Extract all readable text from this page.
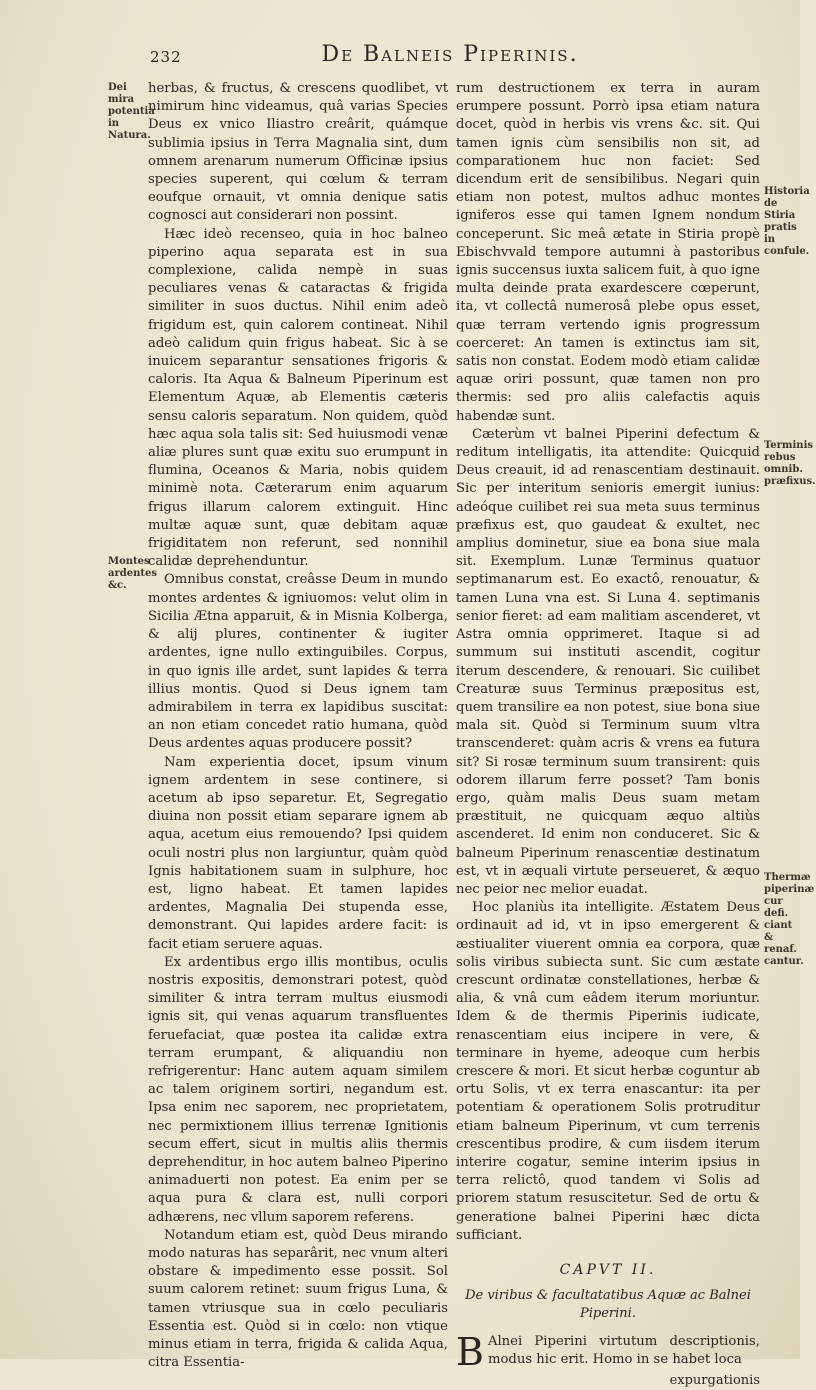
232	De Balneis Piperinis.
Dei mira potentia in Natura.
Montes ardentes &c.
Historia de Stiria pratis in confule.
Terminis rebus omnib. præfixus.
Thermæ piperinæ cur defi. ciant & renaf. cantur.

herbas, & fructus, & crescens quodlibet, vt nimirum hinc videamus, quâ varias Species Deus ex vnico Iliastro creârit, quámque sublimia ipsius in Terra Magnalia sint, dum omnem arenarum numerum Officinæ ipsius species superent, qui cœlum & terram eoufque ornauit, vt omnia denique satis cognosci aut considerari non possint.

Hæc ideò recenseo, quia in hoc balneo piperino aqua separata est in sua complexione, calida nempè in suas peculiares venas & cataractas & frigida similiter in suos ductus. Nihil enim adeò frigidum est, quin calorem contineat. Nihil adeò calidum quin frigus habeat. Sic à se inuicem separantur sensationes frigoris & caloris. Ita Aqua & Balneum Piperinum est Elementum Aquæ, ab Elementis cæteris sensu caloris separatum. Non quidem, quòd hæc aqua sola talis sit: Sed huiusmodi venæ aliæ plures sunt quæ exitu suo erumpunt in flumina, Oceanos & Maria, nobis quidem minimè nota. Cæterarum enim aquarum frigus illarum calorem extinguit. Hinc multæ aquæ sunt, quæ debitam aquæ frigiditatem non referunt, sed nonnihil calidæ deprehenduntur.

Omnibus constat, creâsse Deum in mundo montes ardentes & igniuomos: velut olim in Sicilia Ætna apparuit, & in Misnia Kolberga, & alij plures, continenter & iugiter ardentes, igne nullo extinguibiles. Corpus, in quo ignis ille ardet, sunt lapides & terra illius montis. Quod si Deus ignem tam admirabilem in terra ex lapidibus suscitat: an non etiam concedet ratio humana, quòd Deus ardentes aquas producere possit?

Nam experientia docet, ipsum vinum ignem ardentem in sese continere, si acetum ab ipso separetur. Et, Segregatio diuina non possit etiam separare ignem ab aqua, acetum eius remouendo? Ipsi quidem oculi nostri plus non largiuntur, quàm quòd Ignis habitationem suam in sulphure, hoc est, ligno habeat. Et tamen lapides ardentes, Magnalia Dei stupenda esse, demonstrant. Qui lapides ardere facit: is facit etiam seruere aquas.

Ex ardentibus ergo illis montibus, oculis nostris expositis, demonstrari potest, quòd similiter & intra terram multus eiusmodi ignis sit, qui venas aquarum transfluentes feruefaciat, quæ postea ita calidæ extra terram erumpant, & aliquandiu non refrigerentur: Hanc autem aquam similem ac talem originem sortiri, negandum est. Ipsa enim nec saporem, nec proprietatem, nec permixtionem illius terrenæ Ignitionis secum effert, sicut in multis aliis thermis deprehenditur, in hoc autem balneo Piperino animaduerti non potest. Ea enim per se aqua pura & clara est, nulli corpori adhærens, nec vllum saporem referens.

Notandum etiam est, quòd Deus mirando modo naturas has separârit, nec vnum alteri obstare & impedimento esse possit. Sol suum calorem retinet: suum frigus Luna, & tamen vtriusque sua in cœlo peculiaris Essentia est. Quòd si in cœlo: non vtique minus etiam in terra, frigida & calida Aqua, citra Essentia-

rum destructionem ex terra in auram erumpere possunt. Porrò ipsa etiam natura docet, quòd in herbis vis vrens &c. sit. Qui tamen ignis cùm sensibilis non sit, ad comparationem huc non faciet: Sed dicendum erit de sensibilibus. Negari quin etiam non potest, multos adhuc montes igniferos esse qui tamen Ignem nondum conceperunt. Sic meâ ætate in Stiria propè Ebischvvald tempore autumni à pastoribus ignis succensus iuxta salicem fuit, à quo igne multa deinde prata exardescere cœperunt, ita, vt collectâ numerosâ plebe opus esset, quæ terram vertendo ignis progressum coerceret: An tamen is extinctus iam sit, satis non constat. Eodem modò etiam calidæ aquæ oriri possunt, quæ tamen non pro thermis: sed pro aliis calefactis aquis habendæ sunt.

Cæterùm vt balnei Piperini defectum & reditum intelligatis, ita attendite: Quicquid Deus creauit, id ad renascentiam destinauit. Sic per interitum senioris emergit iunius: adeóque cuilibet rei sua meta suus terminus præfixus est, quo gaudeat & exultet, nec amplius dominetur, siue ea bona siue mala sit. Exemplum. Lunæ Terminus quatuor septimanarum est. Eo exactô, renouatur, & tamen Luna vna est. Si Luna 4. septimanis senior fieret: ad eam malitiam ascenderet, vt Astra omnia opprimeret. Itaque si ad summum sui instituti ascendit, cogitur iterum descendere, & renouari. Sic cuilibet Creaturæ suus Terminus præpositus est, quem transilire ea non potest, siue bona siue mala sit. Quòd si Terminum suum vltra transcenderet: quàm acris & vrens ea futura sit? Si rosæ terminum suum transirent: quis odorem illarum ferre posset? Tam bonis ergo, quàm malis Deus suam metam præstituit, ne quicquam æquo altiùs ascenderet. Id enim non conduceret. Sic & balneum Piperinum renascentiæ destinatum est, vt in æquali virtute perseueret, & æquo nec peior nec melior euadat.

Hoc planiùs ita intelligite. Æstatem Deus ordinauit ad id, vt in ipso emergerent & æstiualiter viuerent omnia ea corpora, quæ solis viribus subiecta sunt. Sic cum æstate crescunt ordinatæ constellationes, herbæ & alia, & vnâ cum eâdem iterum moriuntur. Idem & de thermis Piperinis iudicate, renascentiam eius incipere in vere, & terminare in hyeme, adeoque cum herbis crescere & mori. Et sicut herbæ coguntur ab ortu Solis, vt ex terra enascantur: ita per potentiam & operationem Solis protruditur etiam balneum Piperinum, vt cum terrenis crescentibus prodire, & cum iisdem iterum interire cogatur, semine interim ipsius in terra relictô, quod tandem vi Solis ad priorem statum resuscitetur. Sed de ortu & generatione balnei Piperini hæc dicta sufficiant.

CAPVT II.
De viribus & facultatatibus Aquæ ac Balnei Piperini.

B Alnei Piperini virtutum descriptionis, modus hic erit. Homo in se habet loca

expurgationis
